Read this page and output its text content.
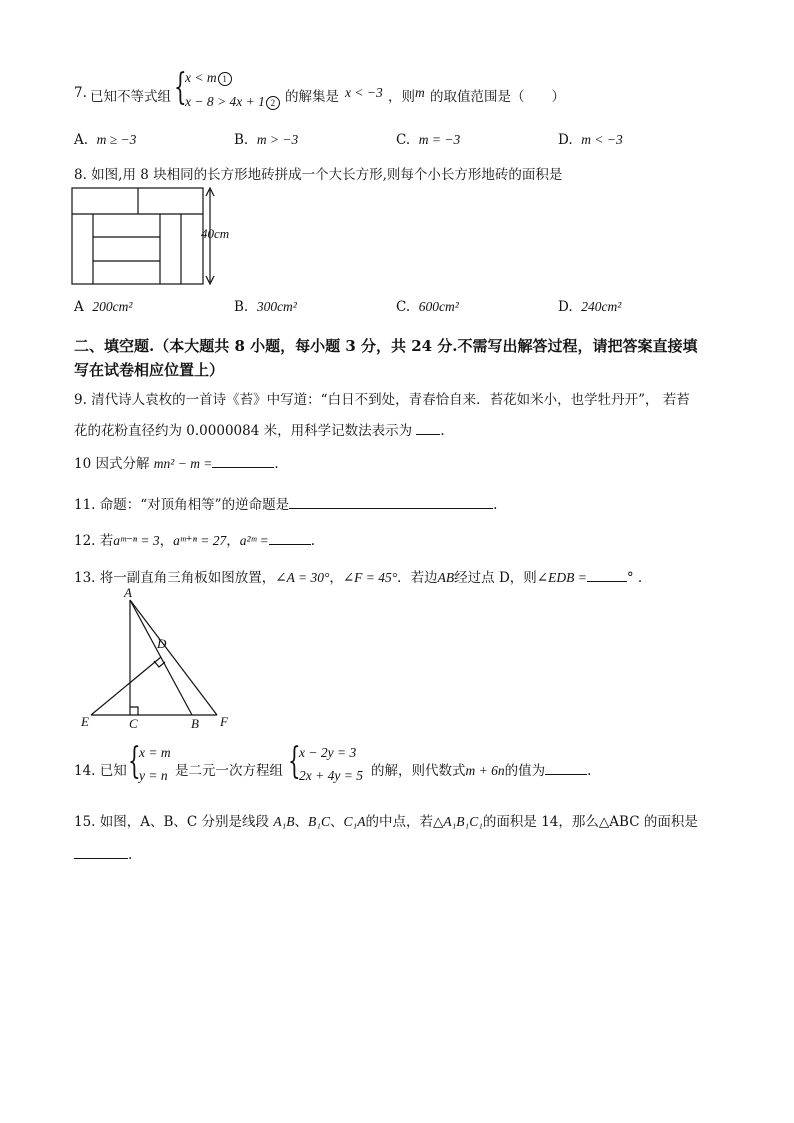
7. 已知不等式组 {
x < m 1
x − 8 > 4x + 1 2 的解集是 x < −3 ，则 m 的取值范围是（　　）
A. m ≥ −3	B. m > −3	C. m = −3	D. m < −3
8. 如图,用 8 块相同的长方形地砖拼成一个大长方形,则每个小长方形地砖的面积是
40cm
A 200cm²	B. 300cm²	C. 600cm²	D. 240cm²
二、填空题.（本大题共 8 小题，每小题 3 分，共 24 分.不需写出解答过程，请把答案直接填
写在试卷相应位置上）
9. 清代诗人袁枚的一首诗《苔》中写道：“白日不到处，青春恰自来．苔花如米小，也学牡丹开”， 若苔
花的花粉直径约为 0.0000084 米，用科学记数法表示为 .
10 因式分解 mn² − m =	.
11. 命题：“对顶角相等”的逆命题是	.
12. 若aᵐ⁻ⁿ = 3，aᵐ⁺ⁿ = 27，a²ᵐ =	.
13. 将一副直角三角板如图放置，∠A = 30°，∠F = 45°．若边AB经过点 D，则∠EDB =	° .
A
D
E	C	B F
14. 已知 {
x = m
y = n 是二元一次方程组 {
x − 2y = 3
2x + 4y = 5 的解，则代数式m + 6n的值为	.
15. 如图，A、B、C 分别是线段 A₁B、B₁C、C₁A的中点，若△A₁B₁C₁的面积是 14，那么△ABC 的面积是
.
